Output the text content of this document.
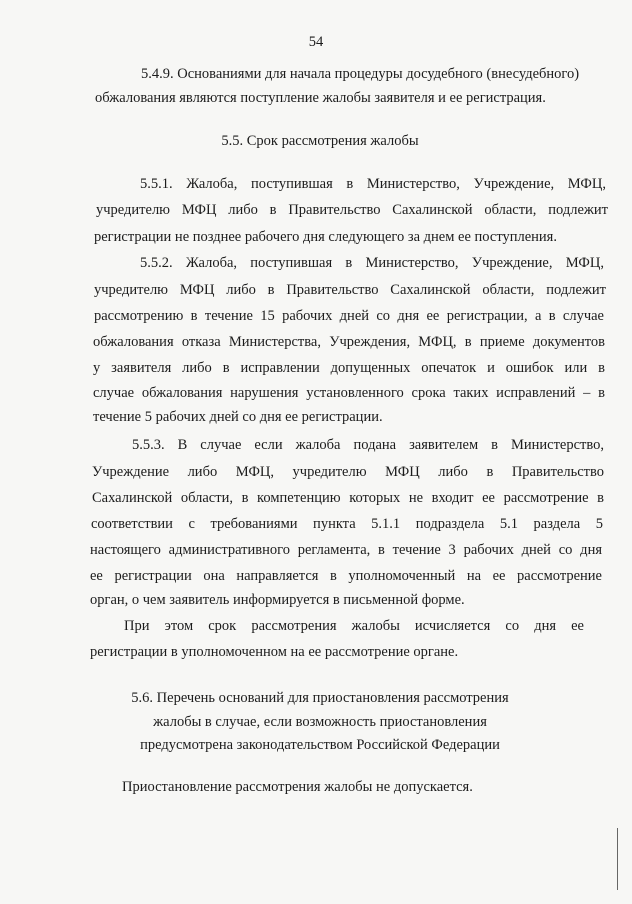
54
5.4.9. Основаниями для начала процедуры досудебного (внесудебного)
обжалования являются поступление жалобы заявителя и ее регистрация.
5.5. Срок рассмотрения жалобы
5.5.1. Жалоба, поступившая в Министерство, Учреждение, МФЦ,
учредителю МФЦ либо в Правительство Сахалинской области, подлежит
регистрации не позднее рабочего дня следующего за днем ее поступления.
5.5.2. Жалоба, поступившая в Министерство, Учреждение, МФЦ,
учредителю МФЦ либо в Правительство Сахалинской области, подлежит
рассмотрению в течение 15 рабочих дней со дня ее регистрации, а в случае
обжалования отказа Министерства, Учреждения, МФЦ, в приеме документов
у заявителя либо в исправлении допущенных опечаток и ошибок или в
случае обжалования нарушения установленного срока таких исправлений – в
течение 5 рабочих дней со дня ее регистрации.
5.5.3. В случае если жалоба подана заявителем в Министерство,
Учреждение либо МФЦ, учредителю МФЦ либо в Правительство
Сахалинской области, в компетенцию которых не входит ее рассмотрение в
соответствии с требованиями пункта 5.1.1 подраздела 5.1 раздела 5
настоящего административного регламента, в течение 3 рабочих дней со дня
ее регистрации она направляется в уполномоченный на ее рассмотрение
орган, о чем заявитель информируется в письменной форме.
При этом срок рассмотрения жалобы исчисляется со дня ее
регистрации в уполномоченном на ее рассмотрение органе.
5.6. Перечень оснований для приостановления рассмотрения
жалобы в случае, если возможность приостановления
предусмотрена законодательством Российской Федерации
Приостановление рассмотрения жалобы не допускается.
